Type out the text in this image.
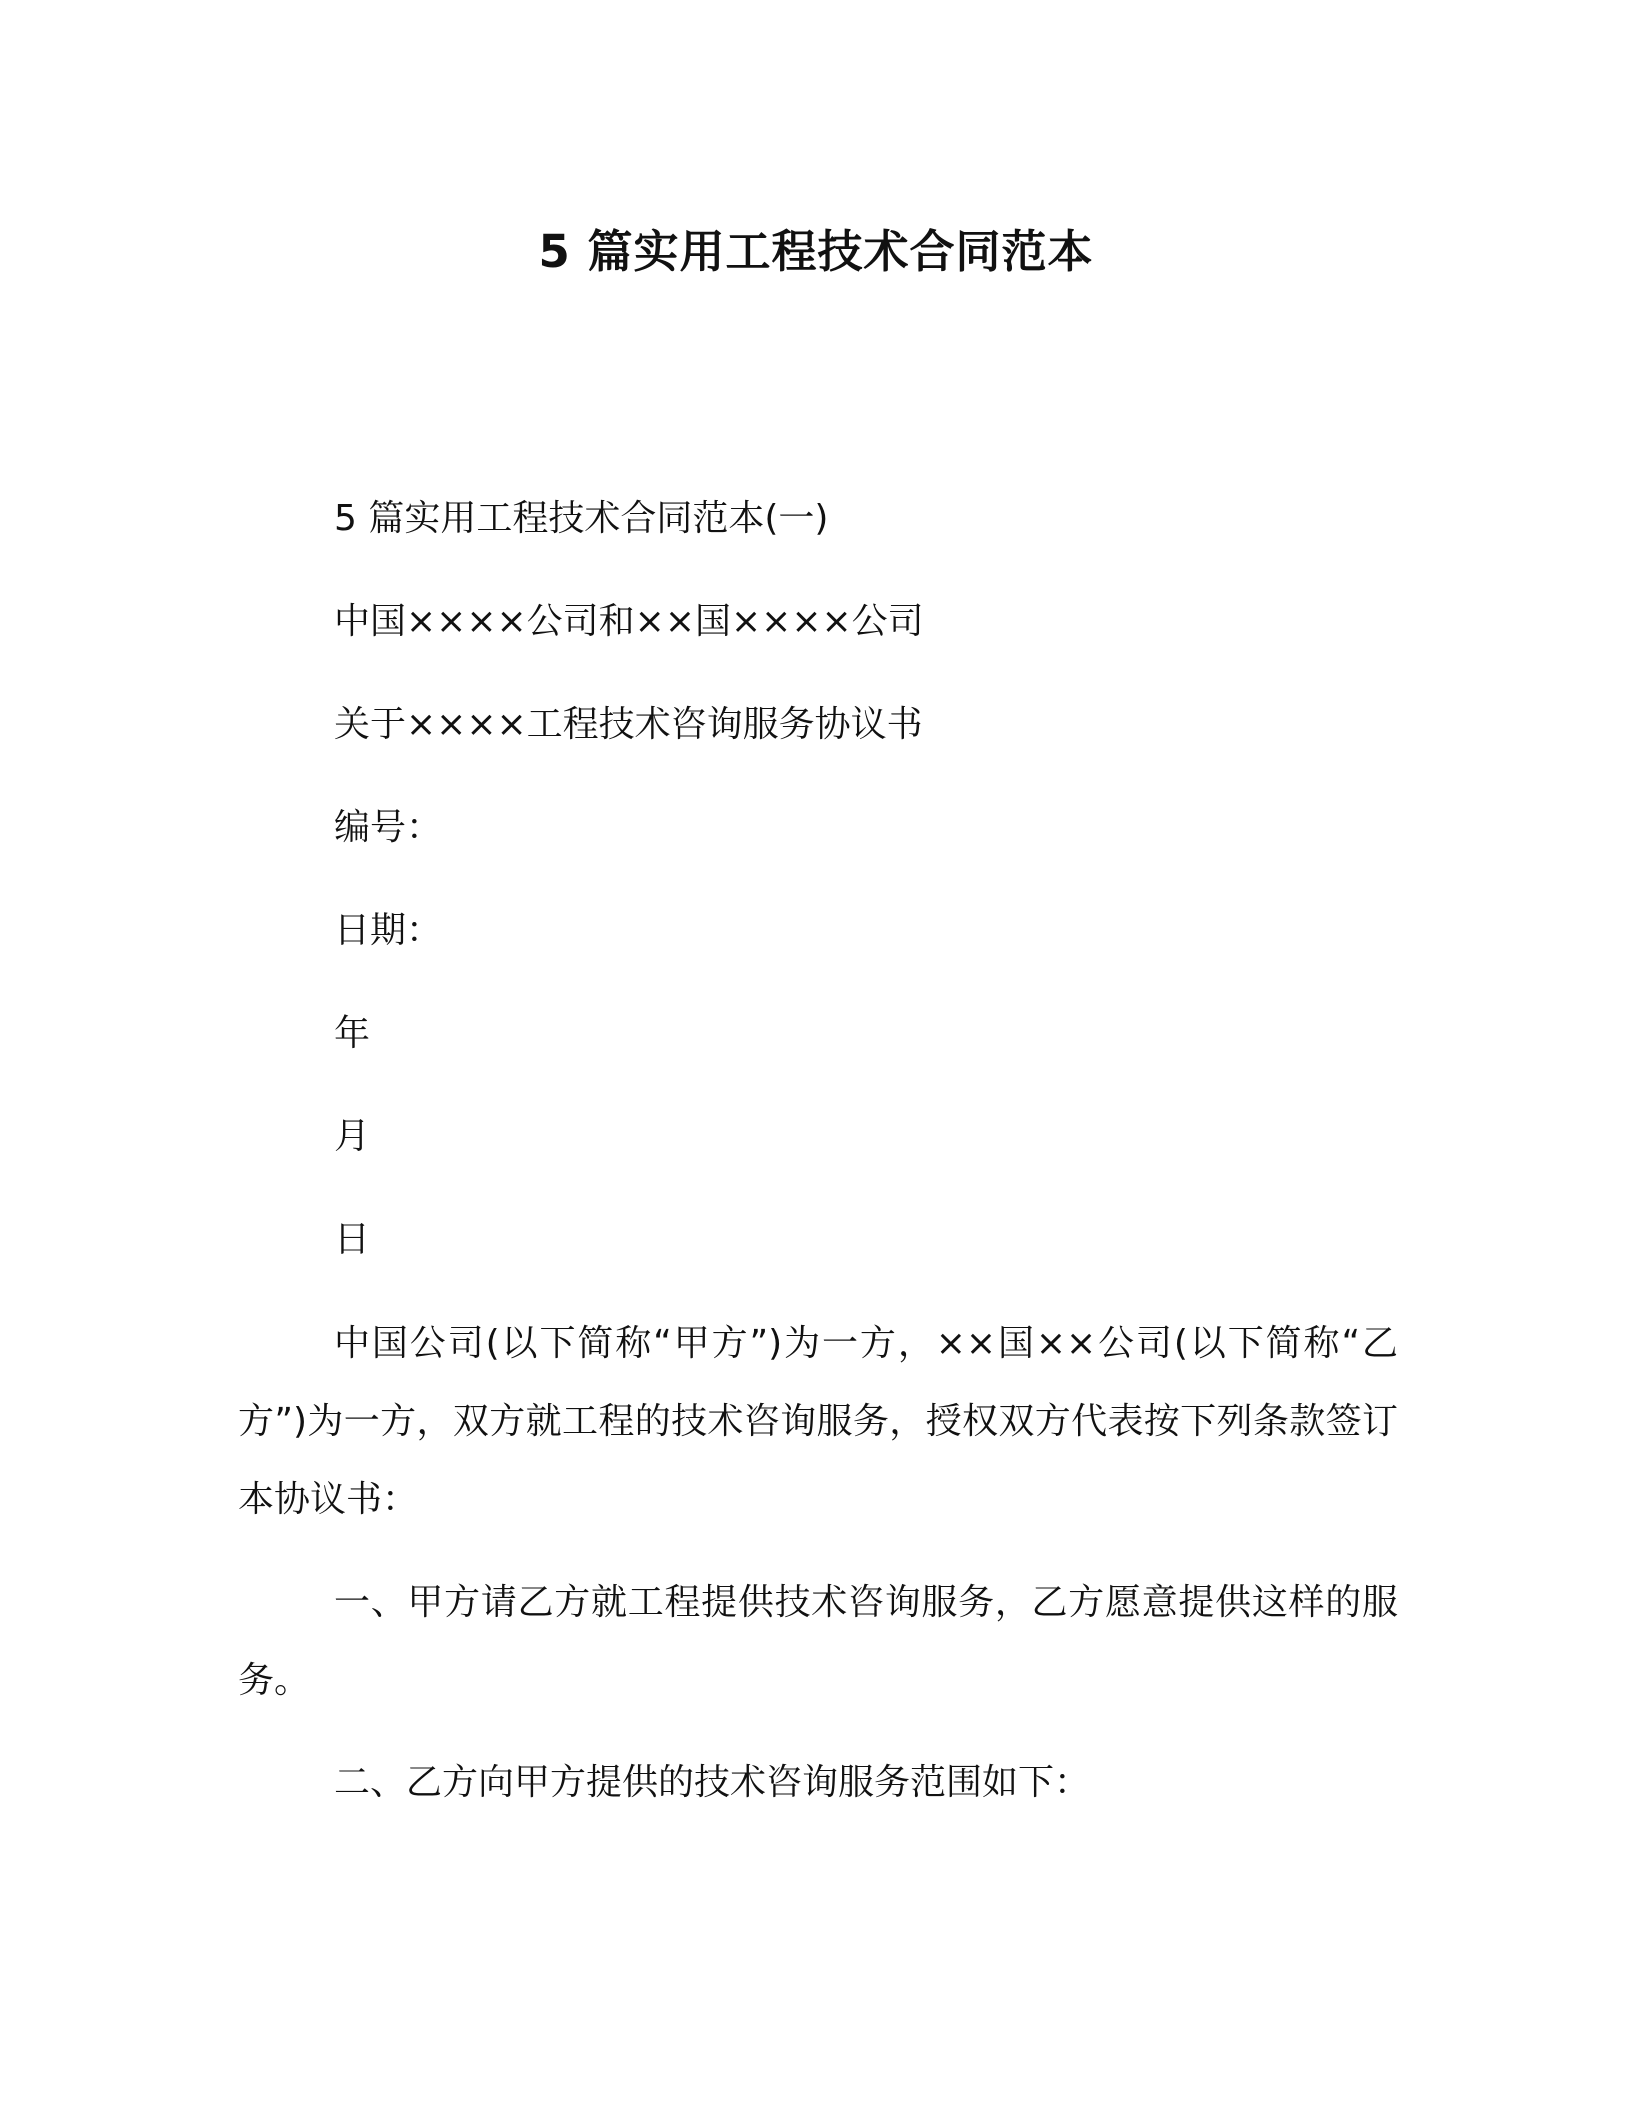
5 篇实用工程技术合同范本

5 篇实用工程技术合同范本(一)

中国××××公司和××国××××公司

关于××××工程技术咨询服务协议书

编号：

日期：

年

月

日

中国公司(以下简称“甲方”)为一方，××国××公司(以下简称“乙方”)为一方，双方就工程的技术咨询服务，授权双方代表按下列条款签订本协议书：

一、甲方请乙方就工程提供技术咨询服务，乙方愿意提供这样的服务。

二、乙方向甲方提供的技术咨询服务范围如下：
